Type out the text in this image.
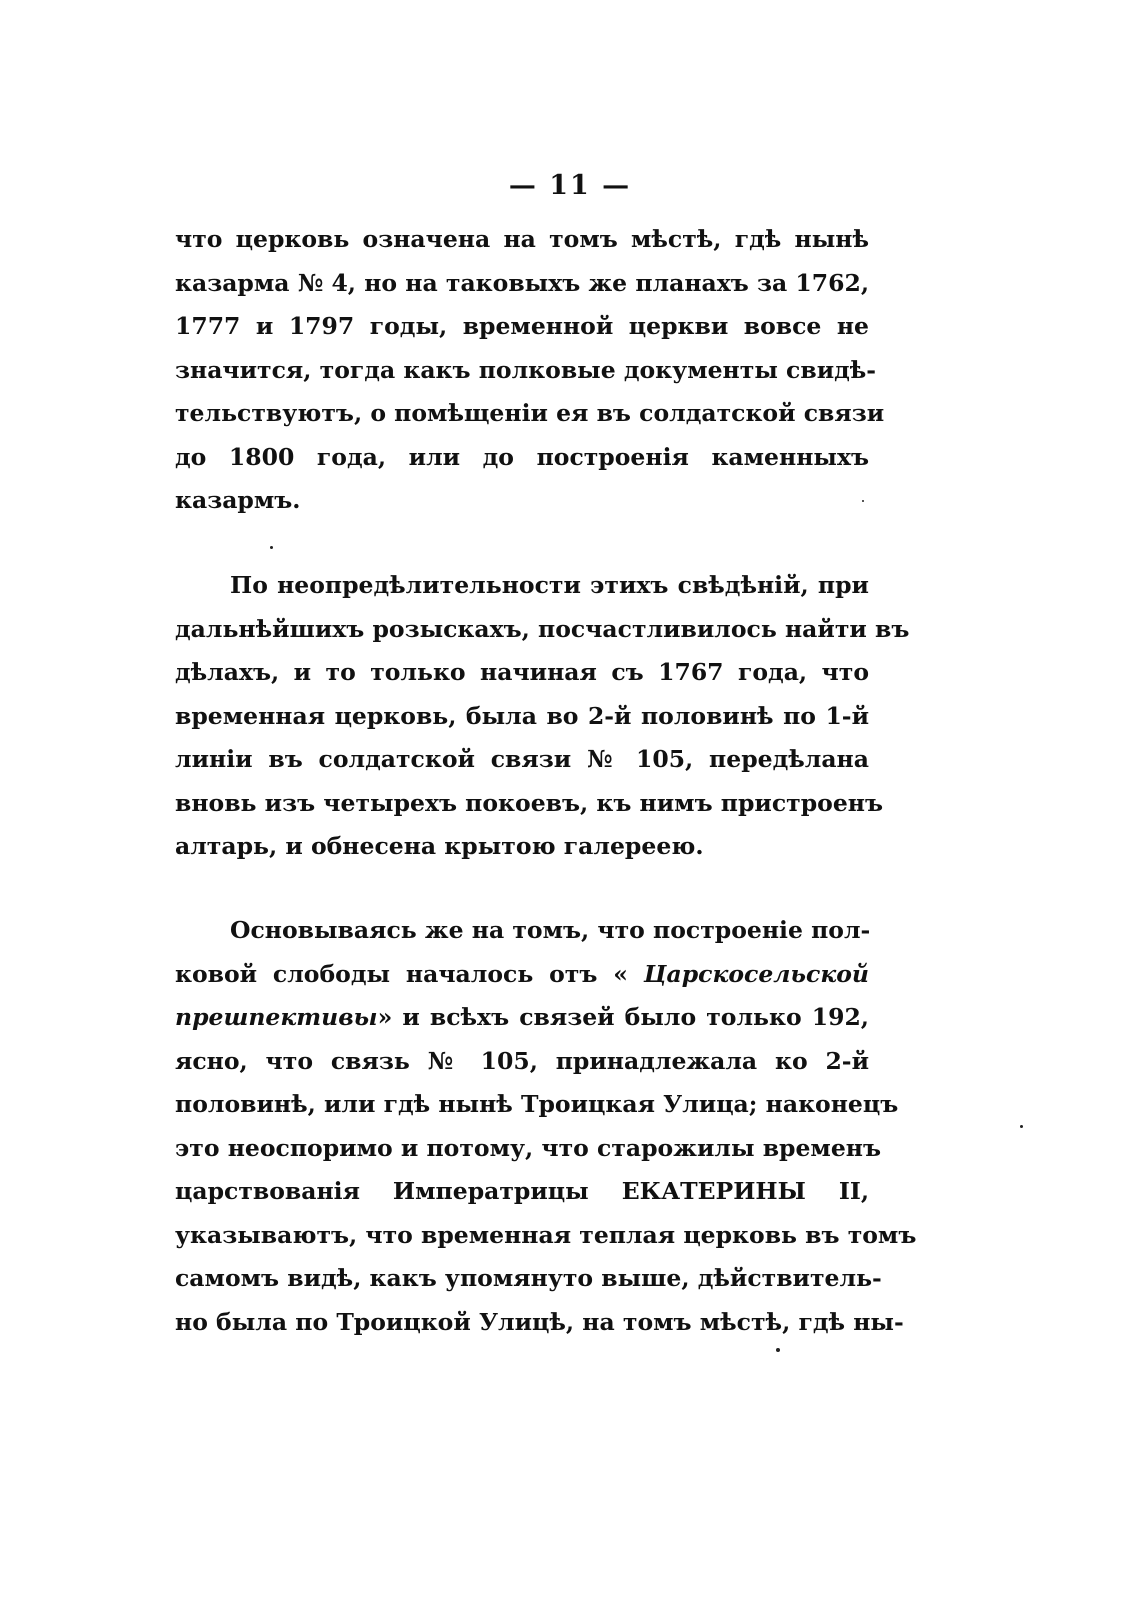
— 11 —
что церковь означена на томъ мѣстѣ, гдѣ нынѣ
казарма № 4, но на таковыхъ же планахъ за 1762,
1777 и 1797 годы, временной церкви вовсе не
значится, тогда какъ полковые документы свидѣ-
тельствуютъ, о помѣщеніи ея въ солдатской связи
до 1800 года, или до построенія каменныхъ
казармъ.
По неопредѣлительности этихъ свѣдѣній, при
дальнѣйшихъ розыскахъ, посчастливилось найти въ
дѣлахъ, и то только начиная съ 1767 года, что
временная церковь, была во 2-й половинѣ по 1-й
линіи въ солдатской связи № 105, передѣлана
вновь изъ четырехъ покоевъ, къ нимъ пристроенъ
алтарь, и обнесена крытою галереею.
Основываясь же на томъ, что построеніе пол-
ковой слободы началось отъ « Царскосельской
прешпективы» и всѣхъ связей было только 192,
ясно, что связь № 105, принадлежала ко 2-й
половинѣ, или гдѣ нынѣ Троицкая Улица; наконецъ
это неоспоримо и потому, что старожилы временъ
царствованія Императрицы ЕКАТЕРИНЫ II,
указываютъ, что временная теплая церковь въ томъ
самомъ видѣ, какъ упомянуто выше, дѣйствитель-
но была по Троицкой Улицѣ, на томъ мѣстѣ, гдѣ ны-
